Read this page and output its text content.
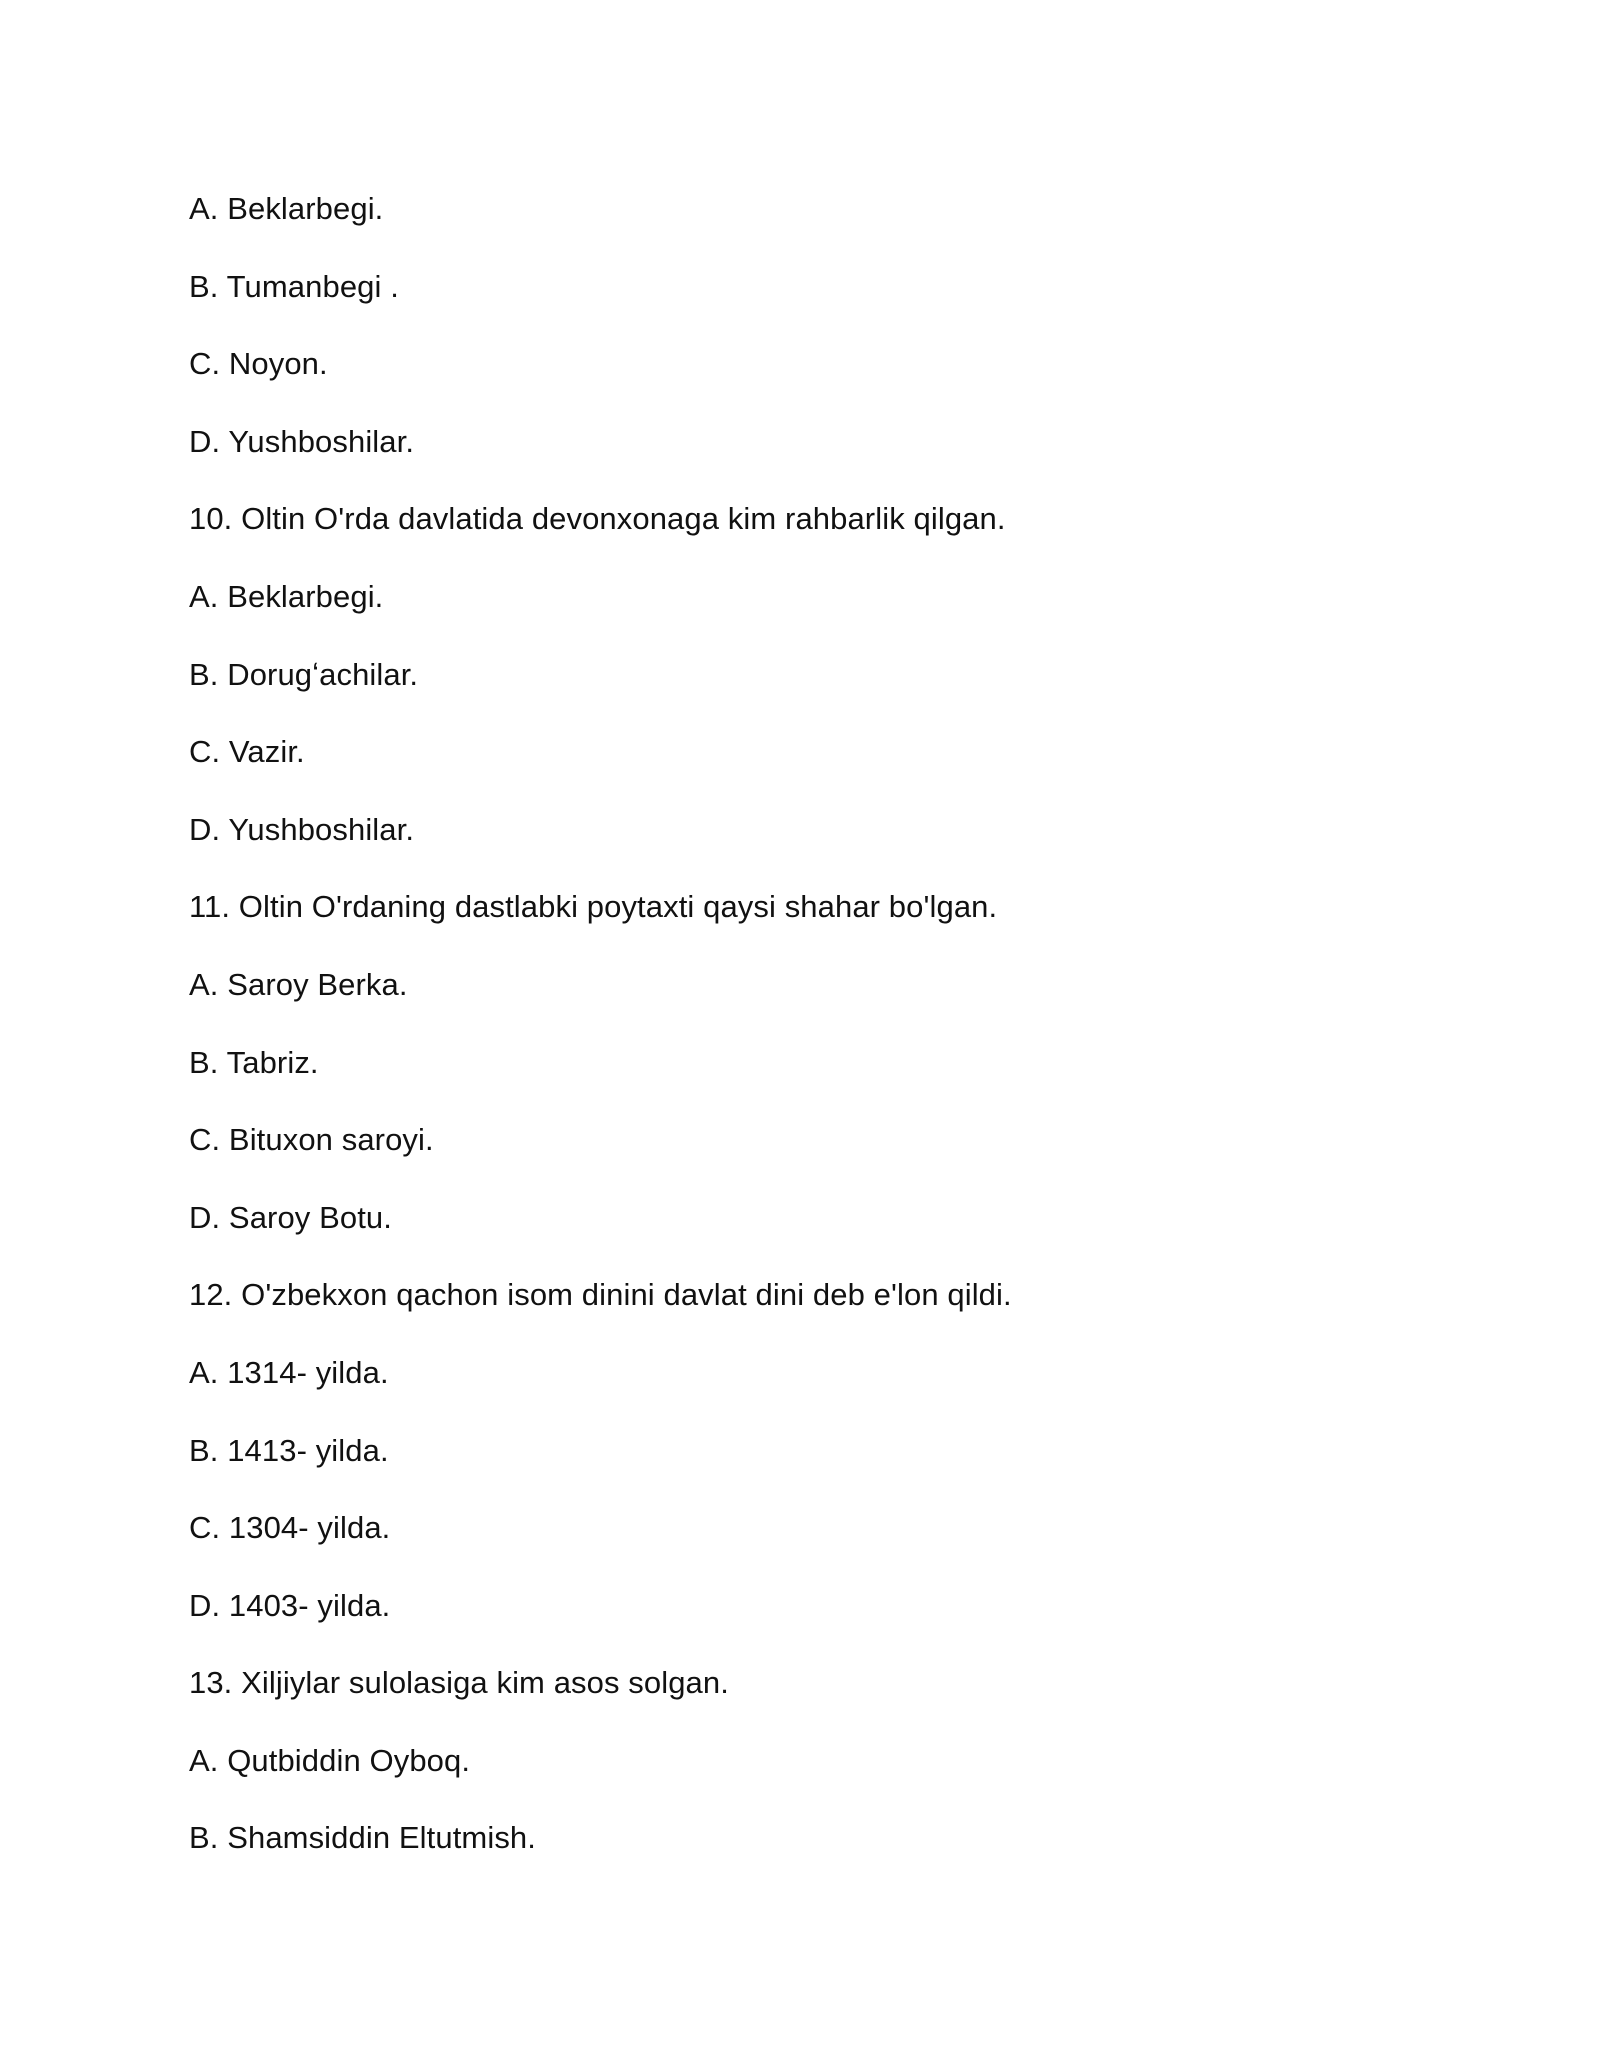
A. Beklarbegi.
B. Tumanbegi .
C. Noyon.
D. Yushboshilar.
10. Oltin O'rda davlatida devonxonaga kim rahbarlik qilgan.
A. Beklarbegi.
B. Dorugʻachilar.
C. Vazir.
D. Yushboshilar.
11. Oltin O'rdaning dastlabki poytaxti qaysi shahar bo'lgan.
A. Saroy Berka.
B. Tabriz.
C. Bituxon saroyi.
D. Saroy Botu.
12. O'zbekxon qachon isom dinini davlat dini deb e'lon qildi.
A. 1314- yilda.
B. 1413- yilda.
C. 1304- yilda.
D. 1403- yilda.
13. Xiljiylar sulolasiga kim asos solgan.
A. Qutbiddin Oyboq.
B. Shamsiddin Eltutmish.
